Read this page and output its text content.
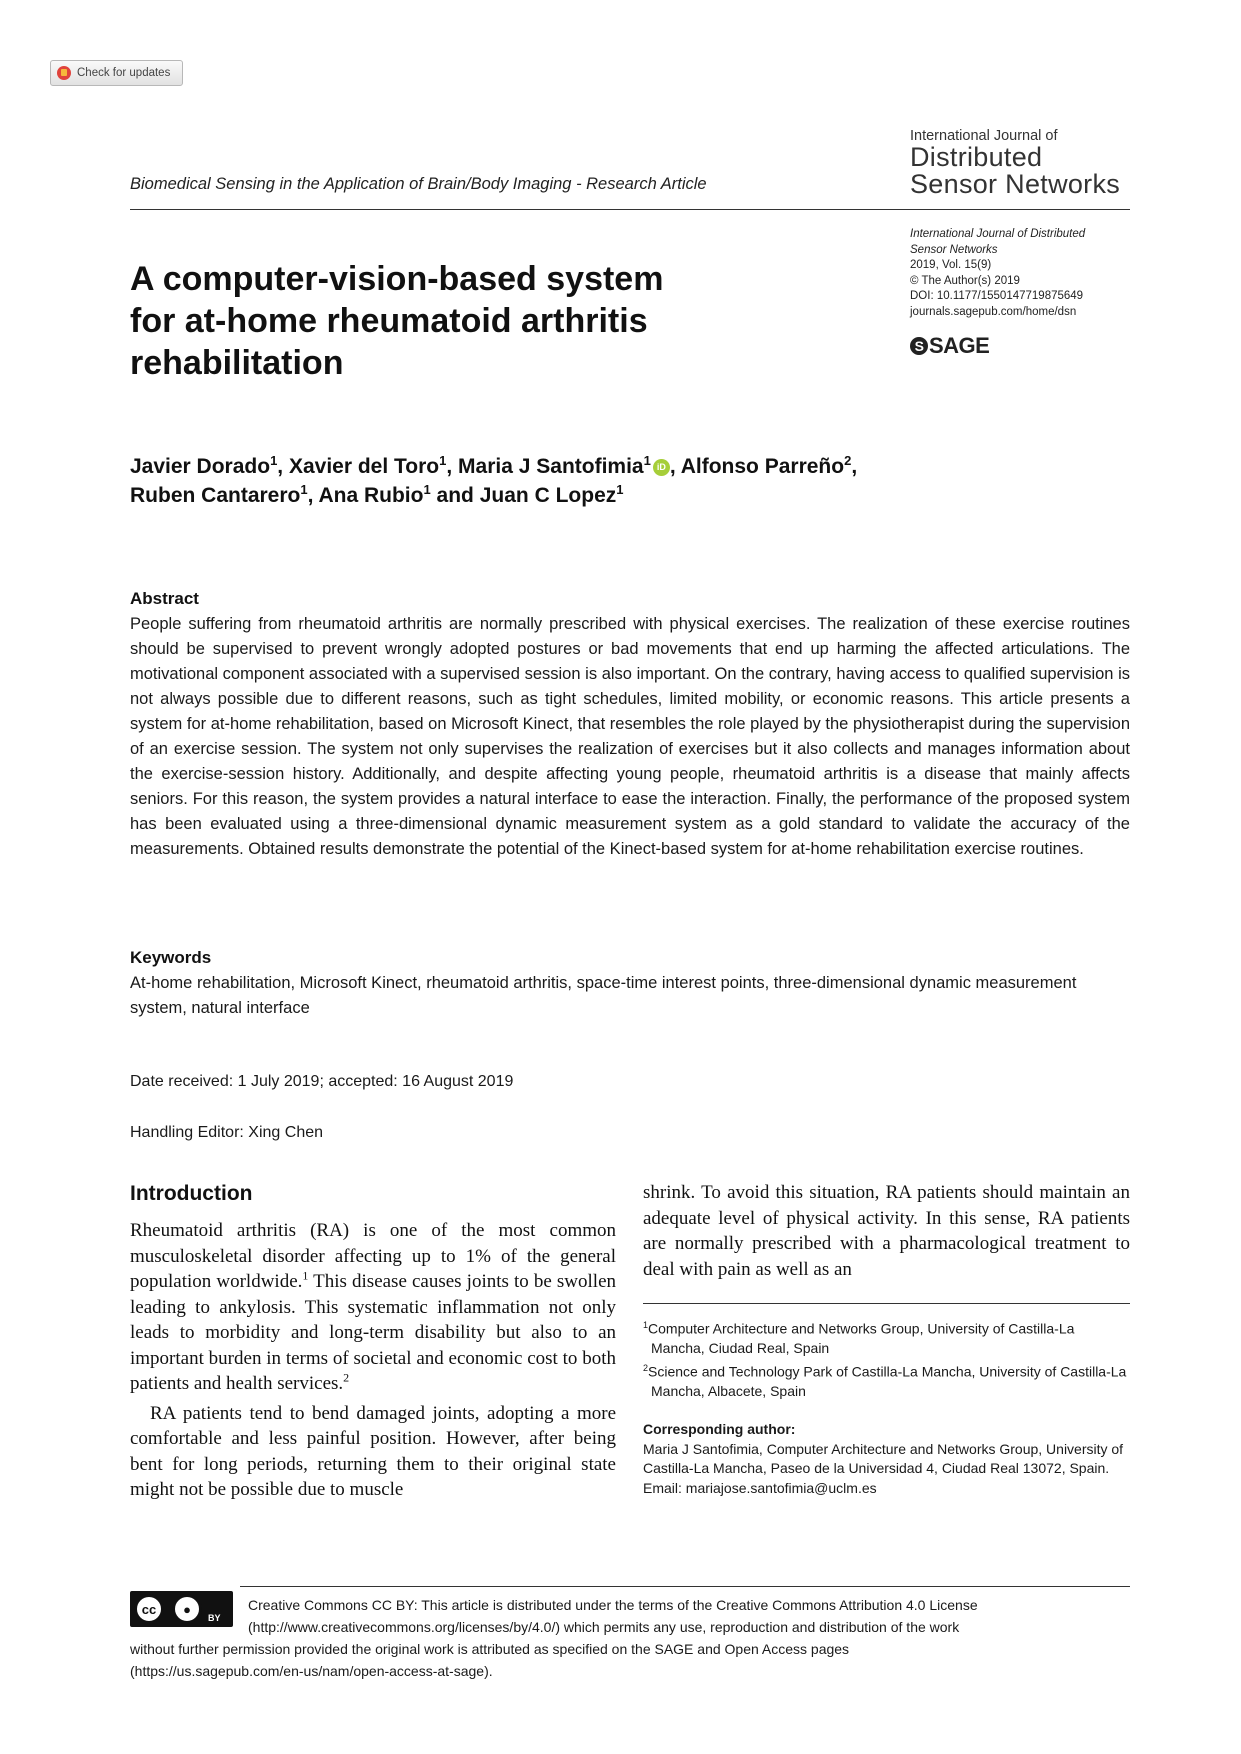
Check for updates
Biomedical Sensing in the Application of Brain/Body Imaging - Research Article
International Journal of
Distributed
Sensor Networks
International Journal of Distributed
Sensor Networks
2019, Vol. 15(9)
© The Author(s) 2019
DOI: 10.1177/1550147719875649
journals.sagepub.com/home/dsn
S SAGE
A computer-vision-based system
for at-home rheumatoid arthritis
rehabilitation
Javier Dorado$^1$, Xavier del Toro$^1$, Maria J Santofimia$^1$ iD , Alfonso Parreño$^2$,
Ruben Cantarero$^1$, Ana Rubio$^1$ and Juan C Lopez$^1$
Abstract
People suffering from rheumatoid arthritis are normally prescribed with physical exercises. The realization of these exercise routines should be supervised to prevent wrongly adopted postures or bad movements that end up harming the affected articulations. The motivational component associated with a supervised session is also important. On the contrary, having access to qualified supervision is not always possible due to different reasons, such as tight schedules, limited mobility, or economic reasons. This article presents a system for at-home rehabilitation, based on Microsoft Kinect, that resembles the role played by the physiotherapist during the supervision of an exercise session. The system not only supervises the realization of exercises but it also collects and manages information about the exercise-session history. Additionally, and despite affecting young people, rheumatoid arthritis is a disease that mainly affects seniors. For this reason, the system provides a natural interface to ease the interaction. Finally, the performance of the proposed system has been evaluated using a three-dimensional dynamic measurement system as a gold standard to validate the accuracy of the measurements. Obtained results demonstrate the potential of the Kinect-based system for at-home rehabilitation exercise routines.
Keywords
At-home rehabilitation, Microsoft Kinect, rheumatoid arthritis, space-time interest points, three-dimensional dynamic measurement system, natural interface
Date received: 1 July 2019; accepted: 16 August 2019
Handling Editor: Xing Chen
Introduction

Rheumatoid arthritis (RA) is one of the most common musculoskeletal disorder affecting up to 1% of the general population worldwide.$^1$ This disease causes joints to be swollen leading to ankylosis. This systematic inflammation not only leads to morbidity and long-term disability but also to an important burden in terms of societal and economic cost to both patients and health services.$^2$

RA patients tend to bend damaged joints, adopting a more comfortable and less painful position. However, after being bent for long periods, returning them to their original state might not be possible due to muscle

shrink. To avoid this situation, RA patients should maintain an adequate level of physical activity. In this sense, RA patients are normally prescribed with a pharmacological treatment to deal with pain as well as an

$^1$Computer Architecture and Networks Group, University of Castilla-La Mancha, Ciudad Real, Spain
$^2$Science and Technology Park of Castilla-La Mancha, University of Castilla-La Mancha, Albacete, Spain
Corresponding author:
Maria J Santofimia, Computer Architecture and Networks Group, University of Castilla-La Mancha, Paseo de la Universidad 4, Ciudad Real 13072, Spain.
Email: mariajose.santofimia@uclm.es
cc	●
BY
Creative Commons CC BY: This article is distributed under the terms of the Creative Commons Attribution 4.0 License
(http://www.creativecommons.org/licenses/by/4.0/) which permits any use, reproduction and distribution of the work
without further permission provided the original work is attributed as specified on the SAGE and Open Access pages
(https://us.sagepub.com/en-us/nam/open-access-at-sage).
